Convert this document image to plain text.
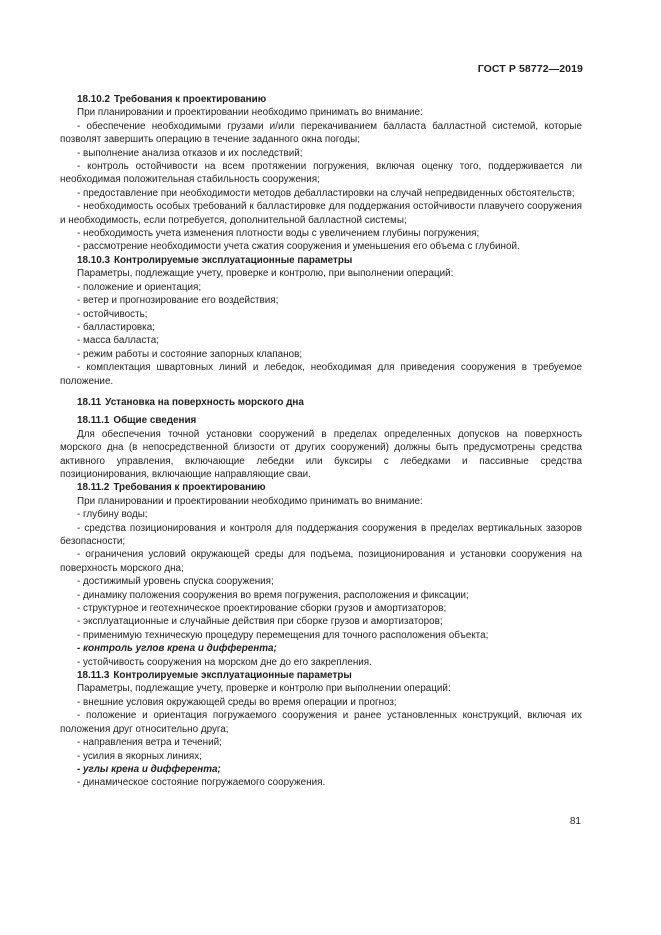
ГОСТ Р 58772—2019

18.10.2 Требования к проектированию

При планировании и проектировании необходимо принимать во внимание:

- обеспечение необходимыми грузами и/или перекачиванием балласта балластной системой, которые позволят завершить операцию в течение заданного окна погоды;

- выполнение анализа отказов и их последствий;

- контроль остойчивости на всем протяжении погружения, включая оценку того, поддерживается ли необходимая положительная стабильность сооружения;

- предоставление при необходимости методов дебалластировки на случай непредвиденных обстоятельств;

- необходимость особых требований к балластировке для поддержания остойчивости плавучего сооружения и необходимость, если потребуется, дополнительной балластной системы;

- необходимость учета изменения плотности воды с увеличением глубины погружения;

- рассмотрение необходимости учета сжатия сооружения и уменьшения его объема с глубиной.

18.10.3 Контролируемые эксплуатационные параметры

Параметры, подлежащие учету, проверке и контролю, при выполнении операций:

- положение и ориентация;

- ветер и прогнозирование его воздействия;

- остойчивость;

- балластировка;

- масса балласта;

- режим работы и состояние запорных клапанов;

- комплектация швартовных линий и лебедок, необходимая для приведения сооружения в требуемое положение.

18.11 Установка на поверхность морского дна

18.11.1 Общие сведения

Для обеспечения точной установки сооружений в пределах определенных допусков на поверхность морского дна (в непосредственной близости от других сооружений) должны быть предусмотрены средства активного управления, включающие лебедки или буксиры с лебедками и пассивные средства позиционирования, включающие направляющие сваи.

18.11.2 Требования к проектированию

При планировании и проектировании необходимо принимать во внимание:

- глубину воды;

- средства позиционирования и контроля для поддержания сооружения в пределах вертикальных зазоров безопасности;

- ограничения условий окружающей среды для подъема, позиционирования и установки сооружения на поверхность морского дна;

- достижимый уровень спуска сооружения;

- динамику положения сооружения во время погружения, расположения и фиксации;

- структурное и геотехническое проектирование сборки грузов и амортизаторов;

- эксплуатационные и случайные действия при сборке грузов и амортизаторов;

- применимую техническую процедуру перемещения для точного расположения объекта;

- контроль углов крена и дифферента;

- устойчивость сооружения на морском дне до его закрепления.

18.11.3 Контролируемые эксплуатационные параметры

Параметры, подлежащие учету, проверке и контролю при выполнении операций:

- внешние условия окружающей среды во время операции и прогноз;

- положение и ориентация погружаемого сооружения и ранее установленных конструкций, включая их положения друг относительно друга;

- направления ветра и течений;

- усилия в якорных линиях;

- углы крена и дифферента;

- динамическое состояние погружаемого сооружения.

81
